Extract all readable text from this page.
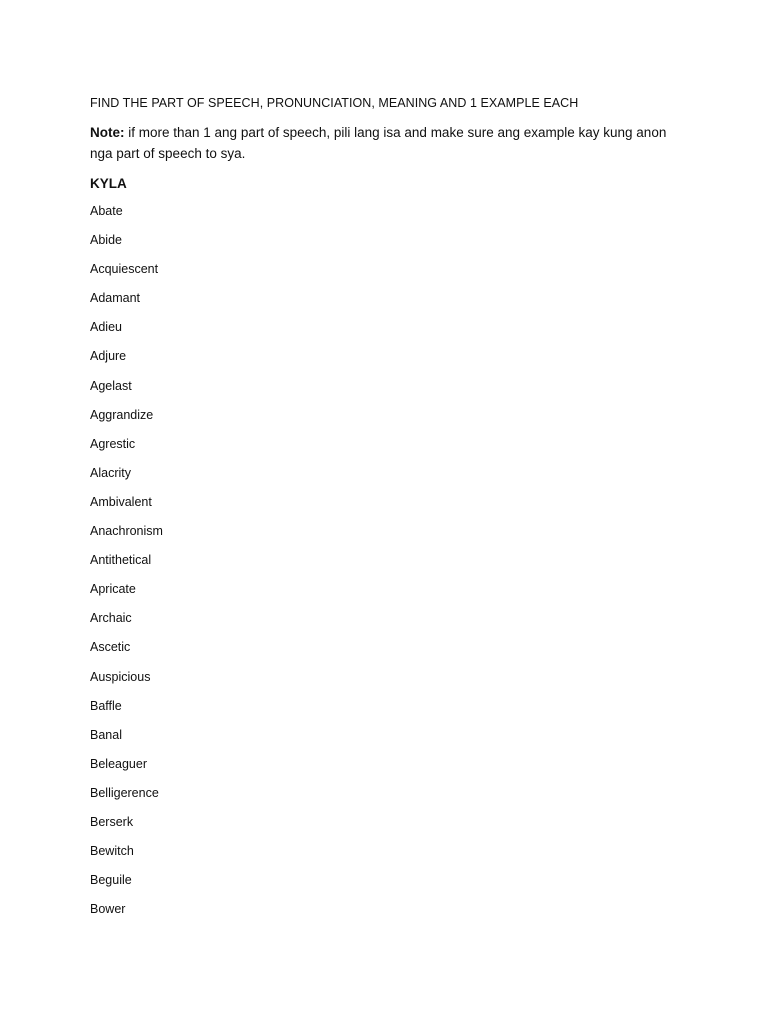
FIND THE PART OF SPEECH, PRONUNCIATION, MEANING AND 1 EXAMPLE EACH

Note: if more than 1 ang part of speech, pili lang isa and make sure ang example kay kung anon nga part of speech to sya.

KYLA
Abate
Abide
Acquiescent
Adamant
Adieu
Adjure
Agelast
Aggrandize
Agrestic
Alacrity
Ambivalent
Anachronism
Antithetical
Apricate
Archaic
Ascetic
Auspicious
Baffle
Banal
Beleaguer
Belligerence
Berserk
Bewitch
Beguile
Bower
